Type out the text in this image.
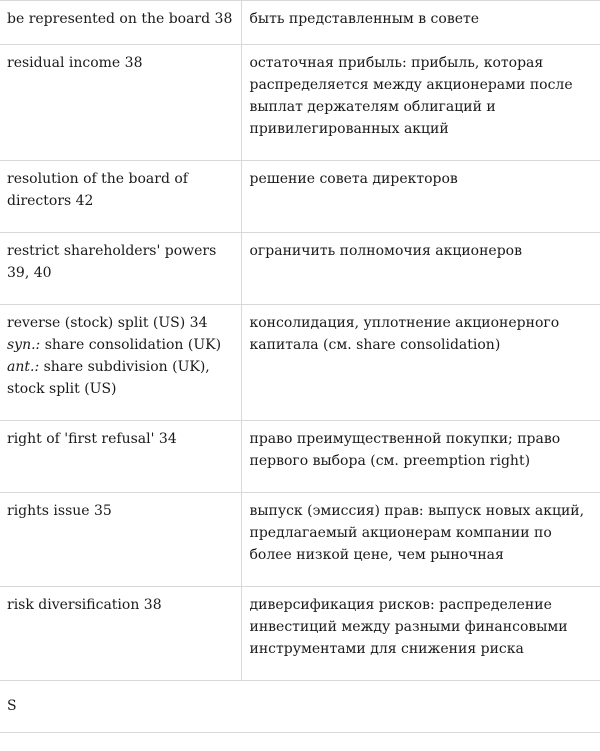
be represented on the board 38	быть представленным в совете

residual income 38	остаточная прибыль: прибыль, которая
распределяется между акционерами после
выплат держателям облигаций и
привилегированных акций

resolution of the board of
directors 42	решение совета директоров

restrict shareholders' powers
39, 40	ограничить полномочия акционеров

reverse (stock) split (US) 34
syn.: share consolidation (UK)
ant.: share subdivision (UK),
stock split (US)	консолидация, уплотнение акционерного
капитала (см. share consolidation)

right of 'first refusal' 34	право преимущественной покупки; право
первого выбора (см. preemption right)

rights issue 35	выпуск (эмиссия) прав: выпуск новых акций,
предлагаемый акционерам компании по
более низкой цене, чем рыночная

risk diversification 38	диверсификация рисков: распределение
инвестиций между разными финансовыми
инструментами для снижения риска

S	
